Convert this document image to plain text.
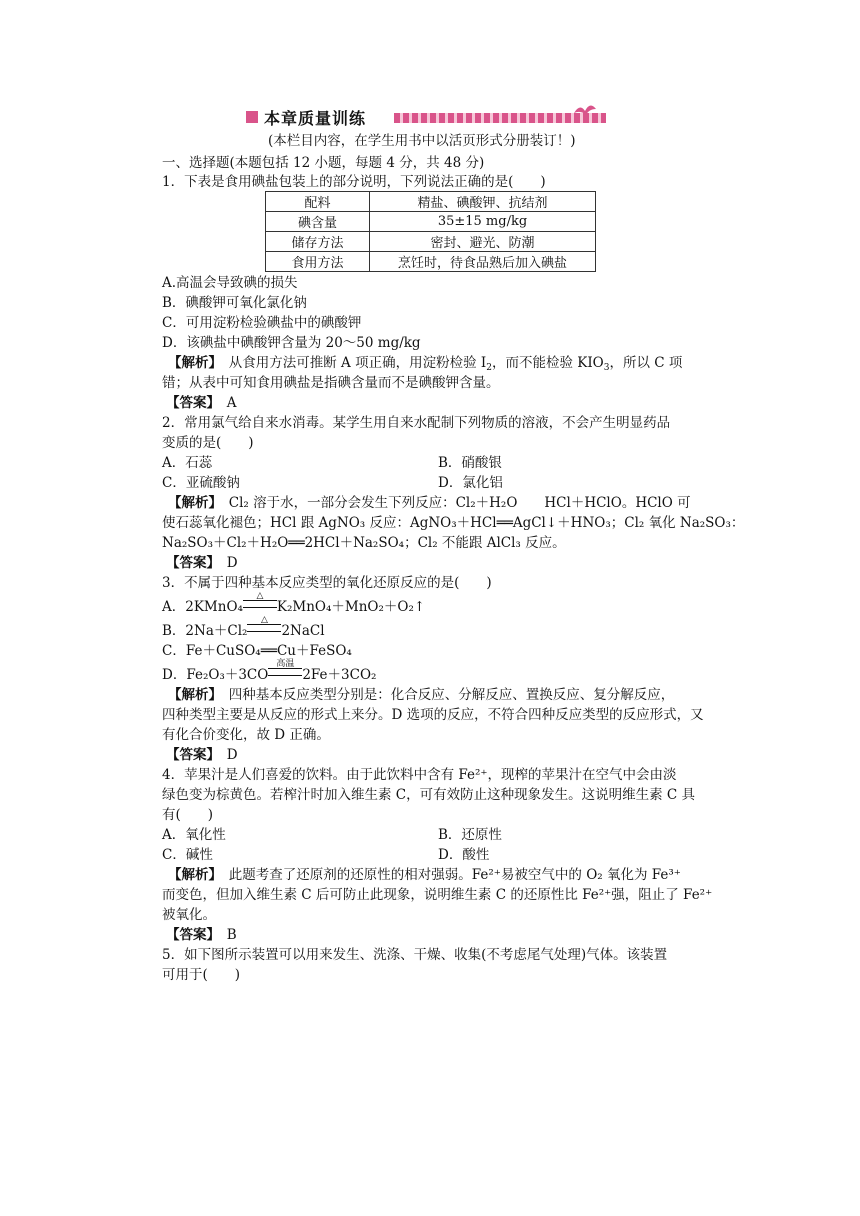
本章质量训练
(本栏目内容，在学生用书中以活页形式分册装订！)
一、选择题(本题包括 12 小题，每题 4 分，共 48 分)
1．下表是食用碘盐包装上的部分说明，下列说法正确的是(　　)
配料	精盐、碘酸钾、抗结剂
碘含量	35±15 mg/kg
储存方法	密封、避光、防潮
食用方法	烹饪时，待食品熟后加入碘盐
A.高温会导致碘的损失
B．碘酸钾可氧化氯化钠
C．可用淀粉检验碘盐中的碘酸钾
D．该碘盐中碘酸钾含量为 20～50 mg/kg
【解析】　从食用方法可推断 A 项正确，用淀粉检验 $I_2$，而不能检验 $KIO_3$，所以 C 项
错；从表中可知食用碘盐是指碘含量而不是碘酸钾含量。
【答案】　A
2．常用氯气给自来水消毒。某学生用自来水配制下列物质的溶液，不会产生明显药品
变质的是(　　)
A．石蕊	B．硝酸银
C．亚硫酸钠	D．氯化铝
【解析】　Cl₂ 溶于水，一部分会发生下列反应：Cl₂＋H₂O　　HCl＋HClO。HClO 可
使石蕊氧化褪色；HCl 跟 AgNO₃ 反应：AgNO₃＋HCl══AgCl↓＋HNO₃；Cl₂ 氧化 Na₂SO₃：
Na₂SO₃＋Cl₂＋H₂O══2HCl＋Na₂SO₄；Cl₂ 不能跟 AlCl₃ 反应。
【答案】　D
3．不属于四种基本反应类型的氧化还原反应的是(　　)
A．2KMnO₄
△
K₂MnO₄＋MnO₂＋O₂↑
B．2Na＋Cl₂
△
2NaCl
C．Fe＋CuSO₄══Cu＋FeSO₄
D．Fe₂O₃＋3CO
高温
2Fe＋3CO₂
【解析】　四种基本反应类型分别是：化合反应、分解反应、置换反应、复分解反应，
四种类型主要是从反应的形式上来分。D 选项的反应，不符合四种反应类型的反应形式，又
有化合价变化，故 D 正确。
【答案】　D
4．苹果汁是人们喜爱的饮料。由于此饮料中含有 Fe²⁺，现榨的苹果汁在空气中会由淡
绿色变为棕黄色。若榨汁时加入维生素 C，可有效防止这种现象发生。这说明维生素 C 具
有(　　)
A．氧化性	B．还原性
C．碱性	D．酸性
【解析】　此题考查了还原剂的还原性的相对强弱。Fe²⁺易被空气中的 O₂ 氧化为 Fe³⁺
而变色，但加入维生素 C 后可防止此现象，说明维生素 C 的还原性比 Fe²⁺强，阻止了 Fe²⁺
被氧化。
【答案】　B
5．如下图所示装置可以用来发生、洗涤、干燥、收集(不考虑尾气处理)气体。该装置
可用于(　　)
